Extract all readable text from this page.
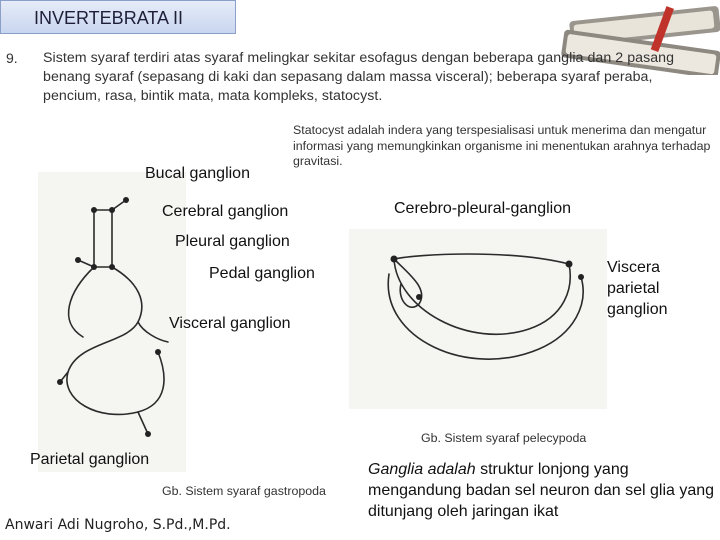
INVERTEBRATA II
9. Sistem syaraf terdiri atas syaraf melingkar sekitar esofagus dengan beberapa ganglia dan 2 pasang benang syaraf (sepasang di kaki dan sepasang dalam massa visceral); beberapa syaraf peraba, pencium, rasa, bintik mata, mata kompleks, statocyst.
Statocyst adalah indera yang terspesialisasi untuk menerima dan mengatur informasi yang memungkinkan organisme ini menentukan arahnya terhadap gravitasi.
Bucal ganglion
Cerebral ganglion
Pleural ganglion
Pedal ganglion
Visceral ganglion
Parietal ganglion
Gb. Sistem syaraf gastropoda
Cerebro-pleural-ganglion
Viscera parietal ganglion
Gb. Sistem syaraf pelecypoda
Ganglia adalah struktur lonjong yang mengandung badan sel neuron dan sel glia yang ditunjang oleh jaringan ikat
Anwari Adi Nugroho, S.Pd.,M.Pd.
